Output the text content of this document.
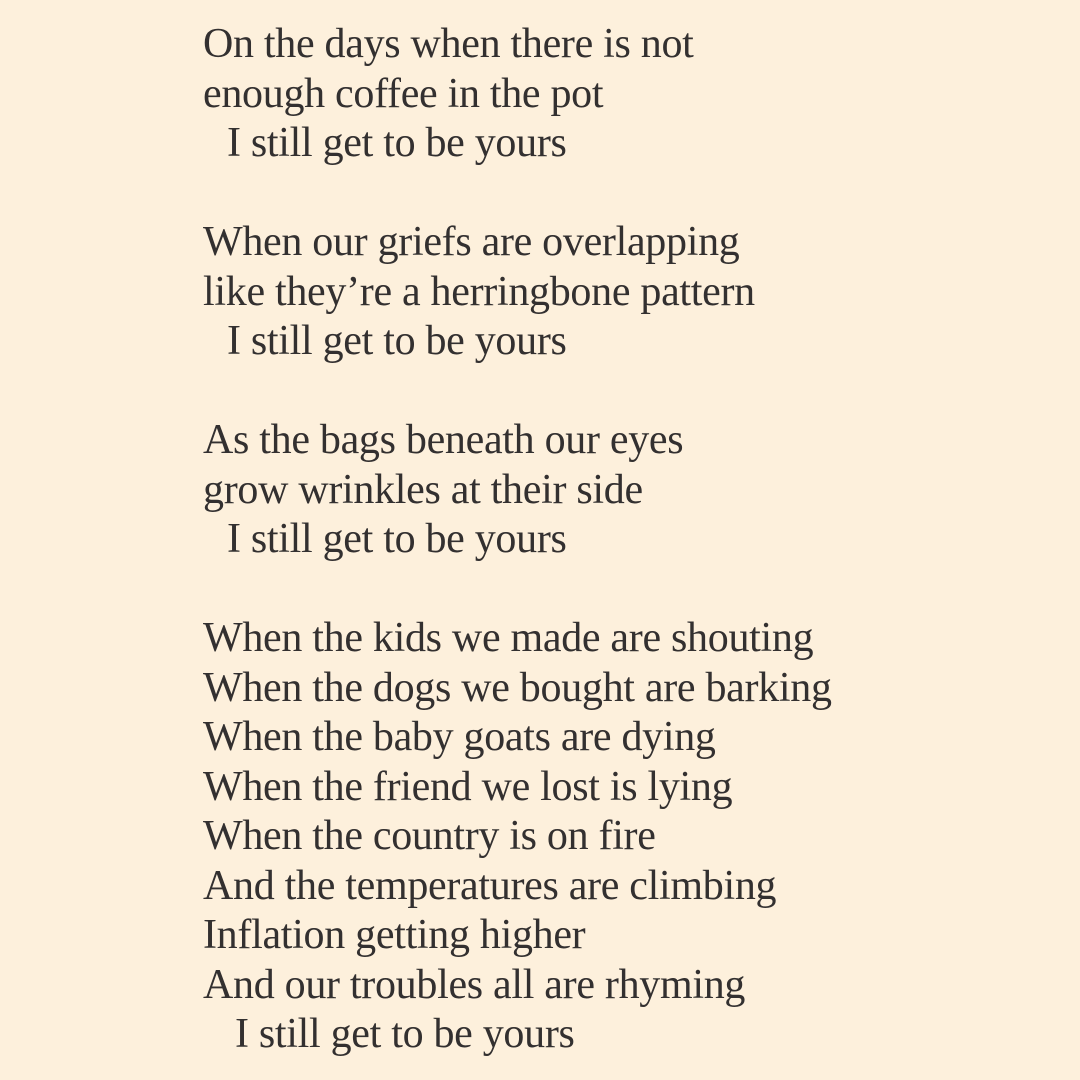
On the days when there is not
enough coffee in the pot
I still get to be yours
When our griefs are overlapping
like they’re a herringbone pattern
I still get to be yours
As the bags beneath our eyes
grow wrinkles at their side
I still get to be yours
When the kids we made are shouting
When the dogs we bought are barking
When the baby goats are dying
When the friend we lost is lying
When the country is on fire
And the temperatures are climbing
Inflation getting higher
And our troubles all are rhyming
I still get to be yours
